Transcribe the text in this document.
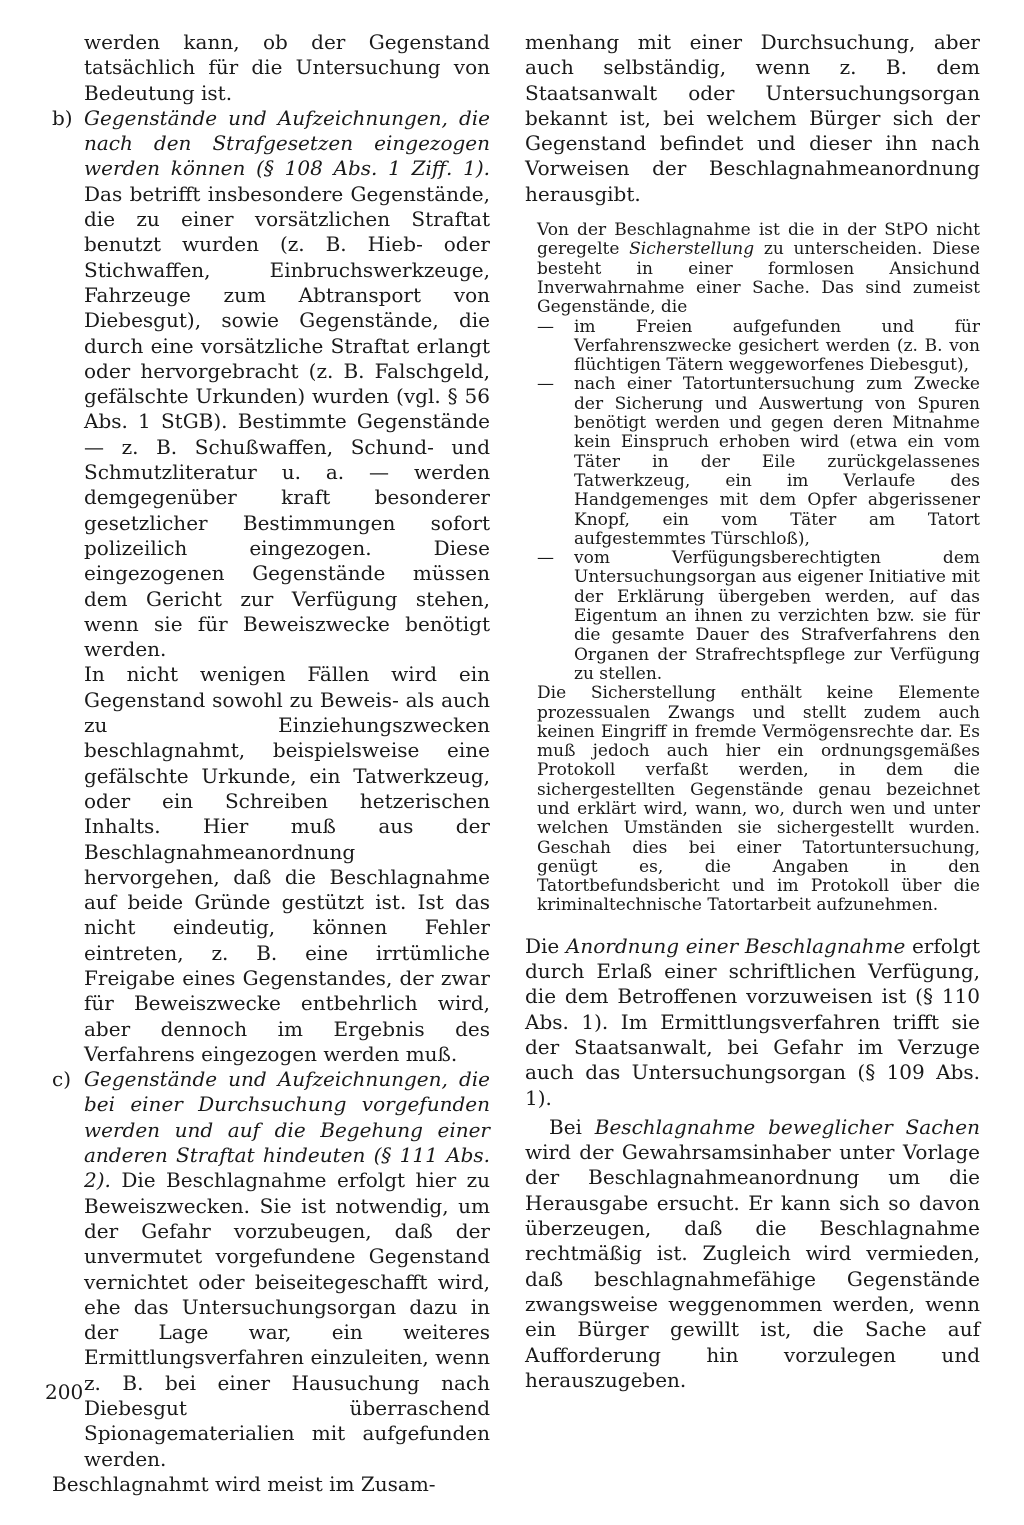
werden kann, ob der Gegenstand tatsächlich für die Untersuchung von Bedeutung ist.

b) Gegenstände und Aufzeichnungen, die nach den Strafgesetzen eingezogen werden können (§ 108 Abs. 1 Ziff. 1). Das betrifft insbesondere Gegenstände, die zu einer vorsätzlichen Straftat benutzt wurden (z. B. Hieb- oder Stichwaffen, Einbruchswerkzeuge, Fahrzeuge zum Abtransport von Diebesgut), sowie Gegenstände, die durch eine vorsätzliche Straftat erlangt oder hervorgebracht (z. B. Falschgeld, gefälschte Urkunden) wurden (vgl. § 56 Abs. 1 StGB). Bestimmte Gegenstände — z. B. Schußwaffen, Schund- und Schmutzliteratur u. a. — werden demgegenüber kraft besonderer gesetzlicher Bestimmungen sofort polizeilich eingezogen. Diese eingezogenen Gegenstände müssen dem Gericht zur Verfügung stehen, wenn sie für Beweiszwecke benötigt werden.

In nicht wenigen Fällen wird ein Gegenstand sowohl zu Beweis- als auch zu Einziehungszwecken beschlagnahmt, beispielsweise eine gefälschte Urkunde, ein Tatwerkzeug, oder ein Schreiben hetzerischen Inhalts. Hier muß aus der Beschlagnahmeanordnung hervorgehen, daß die Beschlagnahme auf beide Gründe gestützt ist. Ist das nicht eindeutig, können Fehler eintreten, z. B. eine irrtümliche Freigabe eines Gegenstandes, der zwar für Beweiszwecke entbehrlich wird, aber dennoch im Ergebnis des Verfahrens eingezogen werden muß.

c) Gegenstände und Aufzeichnungen, die bei einer Durchsuchung vorgefunden werden und auf die Begehung einer anderen Straftat hindeuten (§ 111 Abs. 2). Die Beschlagnahme erfolgt hier zu Beweiszwecken. Sie ist notwendig, um der Gefahr vorzubeugen, daß der unvermutet vorgefundene Gegenstand vernichtet oder beiseitegeschafft wird, ehe das Untersuchungsorgan dazu in der Lage war, ein weiteres Ermittlungsverfahren einzuleiten, wenn z. B. bei einer Hausuchung nach Diebesgut überraschend Spionagematerialien mit aufgefunden werden.

Beschlagnahmt wird meist im Zusam-

menhang mit einer Durchsuchung, aber auch selbständig, wenn z. B. dem Staatsanwalt oder Untersuchungsorgan bekannt ist, bei welchem Bürger sich der Gegenstand befindet und dieser ihn nach Vorweisen der Beschlagnahmeanordnung herausgibt.

Von der Beschlagnahme ist die in der StPO nicht geregelte Sicherstellung zu unterscheiden. Diese besteht in einer formlosen Ansichund Inverwahrnahme einer Sache. Das sind zumeist Gegenstände, die

— im Freien aufgefunden und für Verfahrenszwecke gesichert werden (z. B. von flüchtigen Tätern weggeworfenes Diebesgut),
— nach einer Tatortuntersuchung zum Zwecke der Sicherung und Auswertung von Spuren benötigt werden und gegen deren Mitnahme kein Einspruch erhoben wird (etwa ein vom Täter in der Eile zurückgelassenes Tatwerkzeug, ein im Verlaufe des Handgemenges mit dem Opfer abgerissener Knopf, ein vom Täter am Tatort aufgestemmtes Türschloß),
— vom Verfügungsberechtigten dem Untersuchungsorgan aus eigener Initiative mit der Erklärung übergeben werden, auf das Eigentum an ihnen zu verzichten bzw. sie für die gesamte Dauer des Strafverfahrens den Organen der Strafrechtspflege zur Verfügung zu stellen.

Die Sicherstellung enthält keine Elemente prozessualen Zwangs und stellt zudem auch keinen Eingriff in fremde Vermögensrechte dar. Es muß jedoch auch hier ein ordnungsgemäßes Protokoll verfaßt werden, in dem die sichergestellten Gegenstände genau bezeichnet und erklärt wird, wann, wo, durch wen und unter welchen Umständen sie sichergestellt wurden. Geschah dies bei einer Tatortuntersuchung, genügt es, die Angaben in den Tatortbefundsbericht und im Protokoll über die kriminaltechnische Tatortarbeit aufzunehmen.

Die Anordnung einer Beschlagnahme erfolgt durch Erlaß einer schriftlichen Verfügung, die dem Betroffenen vorzuweisen ist (§ 110 Abs. 1). Im Ermittlungsverfahren trifft sie der Staatsanwalt, bei Gefahr im Verzuge auch das Untersuchungsorgan (§ 109 Abs. 1).

Bei Beschlagnahme beweglicher Sachen wird der Gewahrsamsinhaber unter Vorlage der Beschlagnahmeanordnung um die Herausgabe ersucht. Er kann sich so davon überzeugen, daß die Beschlagnahme rechtmäßig ist. Zugleich wird vermieden, daß beschlagnahmefähige Gegenstände zwangsweise weggenommen werden, wenn ein Bürger gewillt ist, die Sache auf Aufforderung hin vorzulegen und herauszugeben.

200
